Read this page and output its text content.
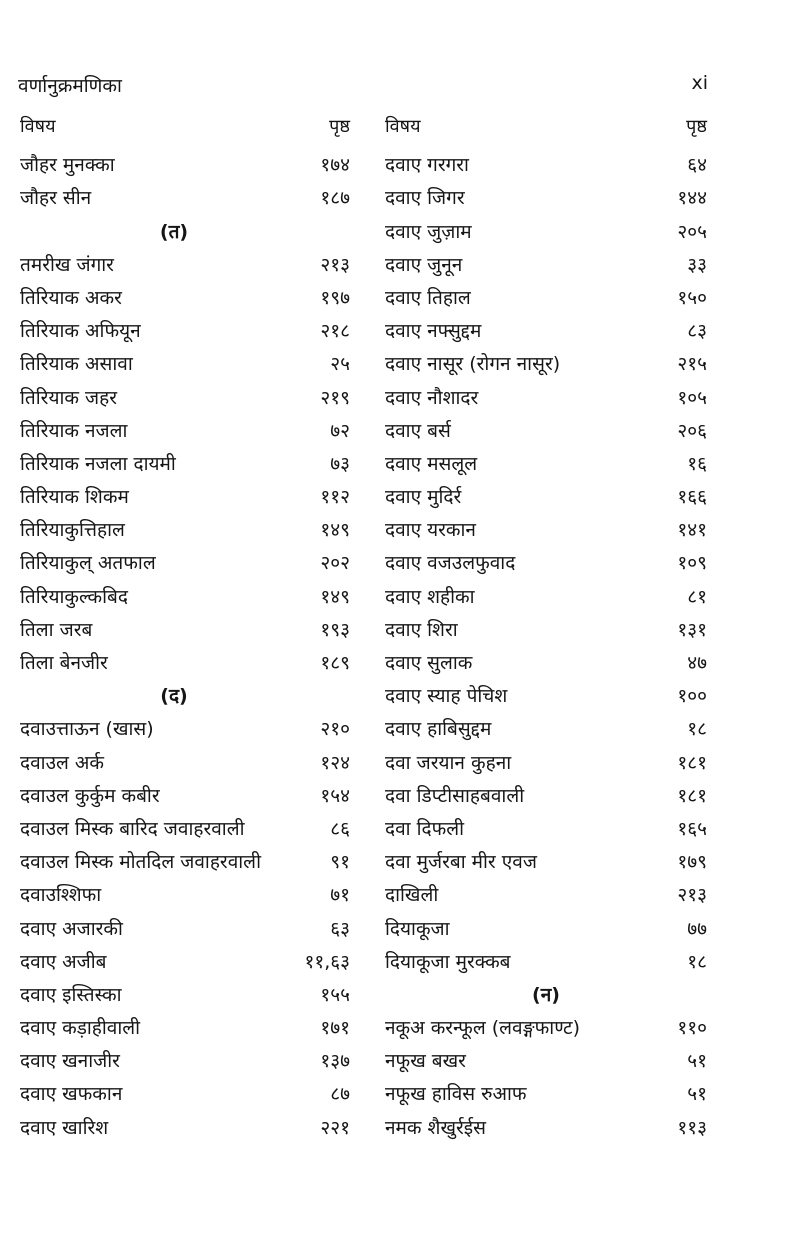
वर्णानुक्रमणिका	xi
विषय	पृष्ठ
जौहर मुनक्का	१७४
जौहर सीन	१८७
(त)
तमरीख जंगार	२१३
तिरियाक अकर	१९७
तिरियाक अफियून	२१८
तिरियाक असावा	२५
तिरियाक जहर	२१९
तिरियाक नजला	७२
तिरियाक नजला दायमी	७३
तिरियाक शिकम	११२
तिरियाकुत्तिहाल	१४९
तिरियाकुल् अतफाल	२०२
तिरियाकुल्कबिद	१४९
तिला जरब	१९३
तिला बेनजीर	१८९
(द)
दवाउत्ताऊन (खास)	२१०
दवाउल अर्क	१२४
दवाउल कुर्कुम कबीर	१५४
दवाउल मिस्क बारिद जवाहरवाली	८६
दवाउल मिस्क मोतदिल जवाहरवाली	९१
दवाउश्शिफा	७१
दवाए अजारकी	६३
दवाए अजीब	११,६३
दवाए इस्तिस्का	१५५
दवाए कड़ाहीवाली	१७१
दवाए खनाजीर	१३७
दवाए खफकान	८७
दवाए खारिश	२२१
विषय	पृष्ठ
दवाए गरगरा	६४
दवाए जिगर	१४४
दवाए जुज़ाम	२०५
दवाए जुनून	३३
दवाए तिहाल	१५०
दवाए नफ्सुद्दम	८३
दवाए नासूर (रोगन नासूर)	२१५
दवाए नौशादर	१०५
दवाए बर्स	२०६
दवाए मसलूल	१६
दवाए मुदिर्र	१६६
दवाए यरकान	१४१
दवाए वजउलफुवाद	१०९
दवाए शहीका	८१
दवाए शिरा	१३१
दवाए सुलाक	४७
दवाए स्याह पेचिश	१००
दवाए हाबिसुद्दम	१८
दवा जरयान कुहना	१८१
दवा डिप्टीसाहबवाली	१८१
दवा दिफली	१६५
दवा मुर्जरबा मीर एवज	१७९
दाखिली	२१३
दियाकूजा	७७
दियाकूजा मुरक्कब	१८
(न)
नकूअ करन्फूल (लवङ्गफाण्ट)	११०
नफूख बखर	५१
नफूख हाविस रुआफ	५१
नमक शैखुर्रईस	११३
